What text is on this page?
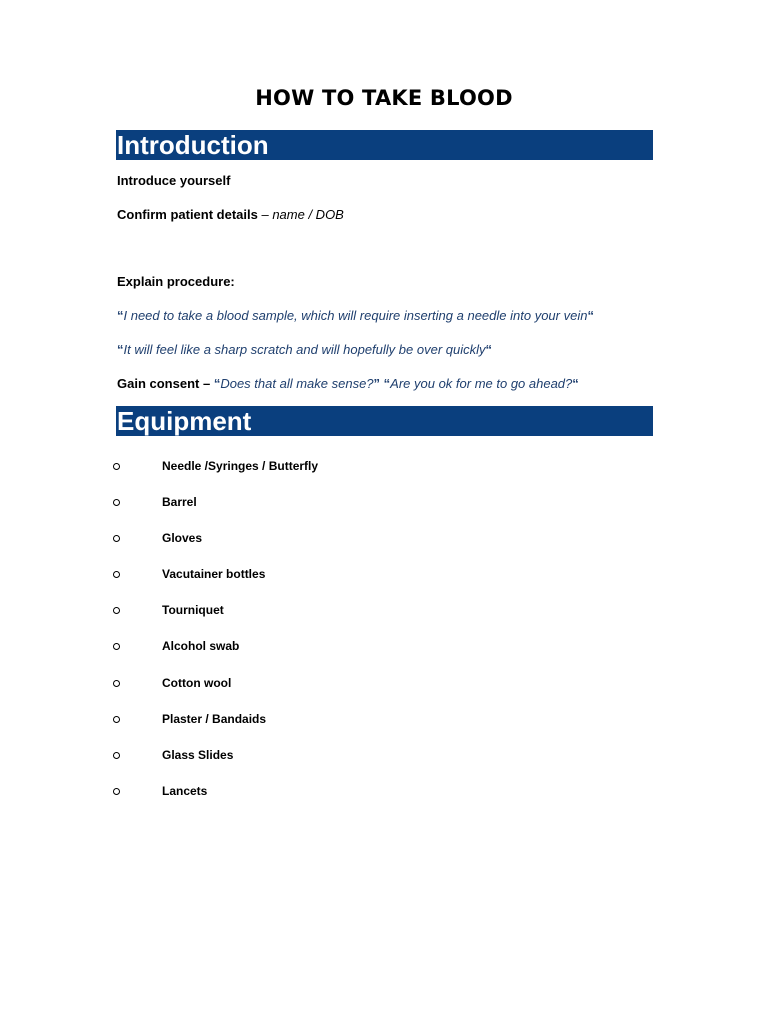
HOW TO TAKE BLOOD
Introduction
Introduce yourself
Confirm patient details – name / DOB
Explain procedure:
“I need to take a blood sample, which will require inserting a needle into your vein“
“It will feel like a sharp scratch and will hopefully be over quickly“
Gain consent – “Does that all make sense?” “Are you ok for me to go ahead?“
Equipment
Needle /Syringes / Butterfly
Barrel
Gloves
Vacutainer bottles
Tourniquet
Alcohol swab
Cotton wool
Plaster / Bandaids
Glass Slides
Lancets
